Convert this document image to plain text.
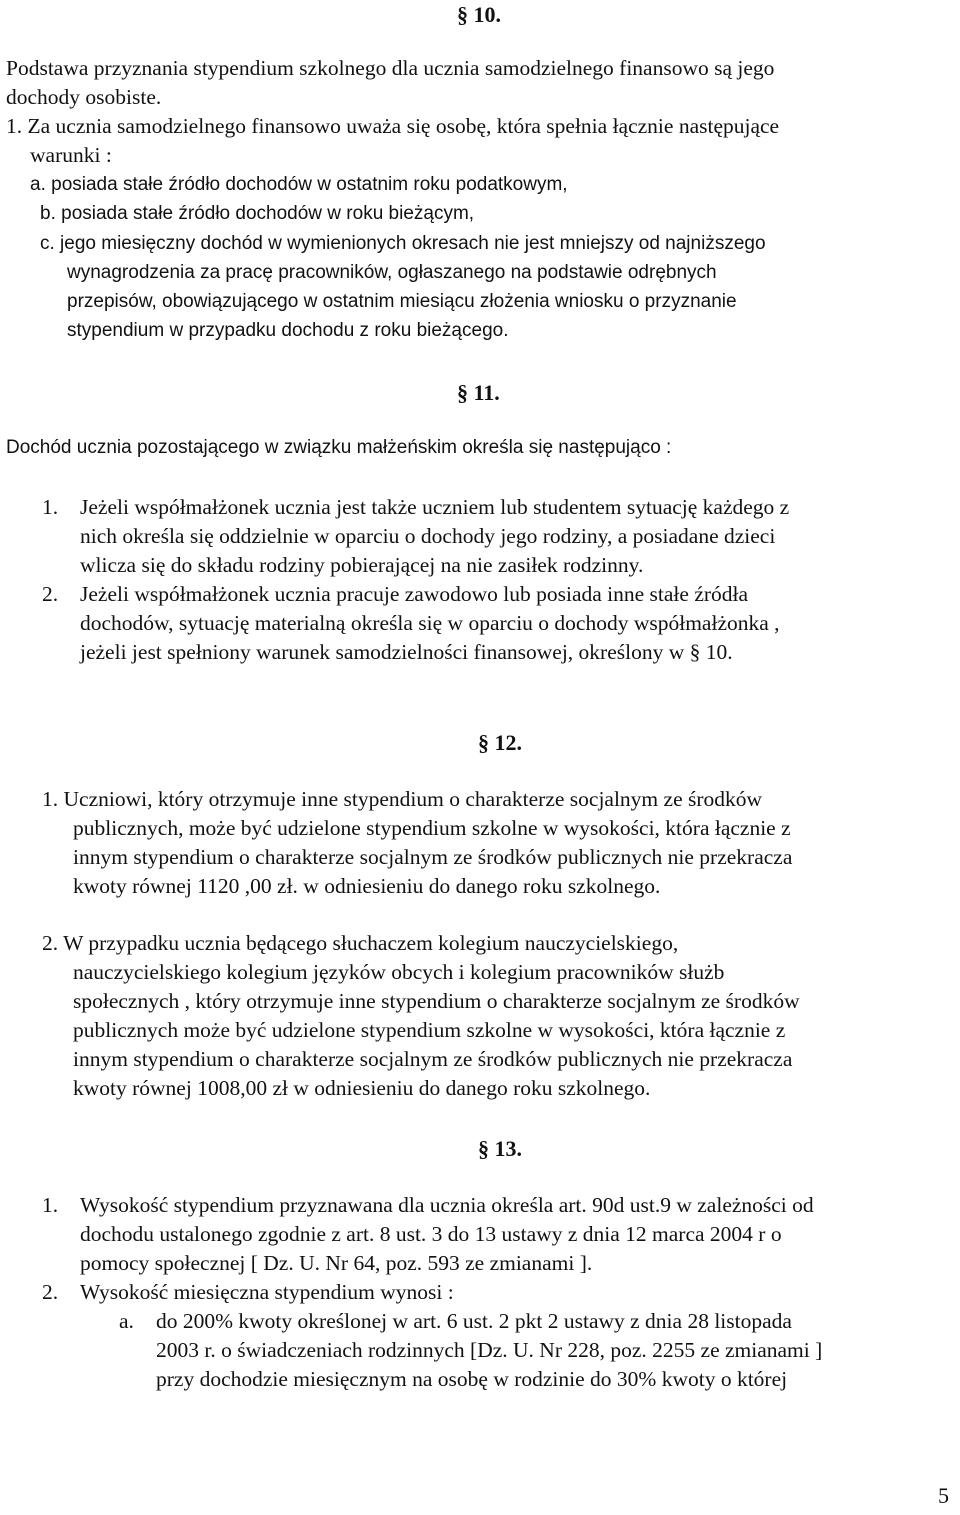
§ 10.
Podstawa przyznania stypendium szkolnego dla ucznia samodzielnego finansowo są jego
dochody osobiste.
1. Za ucznia samodzielnego finansowo uważa się osobę, która spełnia łącznie następujące
warunki :
a. posiada stałe źródło dochodów w ostatnim roku podatkowym,
b. posiada stałe źródło dochodów w roku bieżącym,
c. jego miesięczny dochód w wymienionych okresach nie jest mniejszy od najniższego
wynagrodzenia za pracę pracowników, ogłaszanego na podstawie odrębnych
przepisów, obowiązującego w ostatnim miesiącu złożenia wniosku o przyznanie
stypendium w przypadku dochodu z roku bieżącego.
§ 11.
Dochód ucznia pozostającego w związku małżeńskim określa się następująco :
1. Jeżeli współmałżonek ucznia jest także uczniem lub studentem sytuację każdego z
nich określa się oddzielnie w oparciu o dochody jego rodziny, a posiadane dzieci
wlicza się do składu rodziny pobierającej na nie zasiłek rodzinny.
2. Jeżeli współmałżonek ucznia pracuje zawodowo lub posiada inne stałe źródła
dochodów, sytuację materialną określa się w oparciu o dochody współmałżonka ,
jeżeli jest spełniony warunek samodzielności finansowej, określony w § 10.
§ 12.
1. Uczniowi, który otrzymuje inne stypendium o charakterze socjalnym ze środków
publicznych, może być udzielone stypendium szkolne w wysokości, która łącznie z
innym stypendium o charakterze socjalnym ze środków publicznych nie przekracza
kwoty równej 1120 ,00 zł. w odniesieniu do danego roku szkolnego.
2. W przypadku ucznia będącego słuchaczem kolegium nauczycielskiego,
nauczycielskiego kolegium języków obcych i kolegium pracowników służb
społecznych , który otrzymuje inne stypendium o charakterze socjalnym ze środków
publicznych może być udzielone stypendium szkolne w wysokości, która łącznie z
innym stypendium o charakterze socjalnym ze środków publicznych nie przekracza
kwoty równej 1008,00 zł w odniesieniu do danego roku szkolnego.
§ 13.
1. Wysokość stypendium przyznawana dla ucznia określa art. 90d ust.9 w zależności od
dochodu ustalonego zgodnie z art. 8 ust. 3 do 13 ustawy z dnia 12 marca 2004 r o
pomocy społecznej [ Dz. U. Nr 64, poz. 593 ze zmianami ].
2. Wysokość miesięczna stypendium wynosi :
a. do 200% kwoty określonej w art. 6 ust. 2 pkt 2 ustawy z dnia 28 listopada
2003 r. o świadczeniach rodzinnych [Dz. U. Nr 228, poz. 2255 ze zmianami ]
przy dochodzie miesięcznym na osobę w rodzinie do 30% kwoty o której
5
